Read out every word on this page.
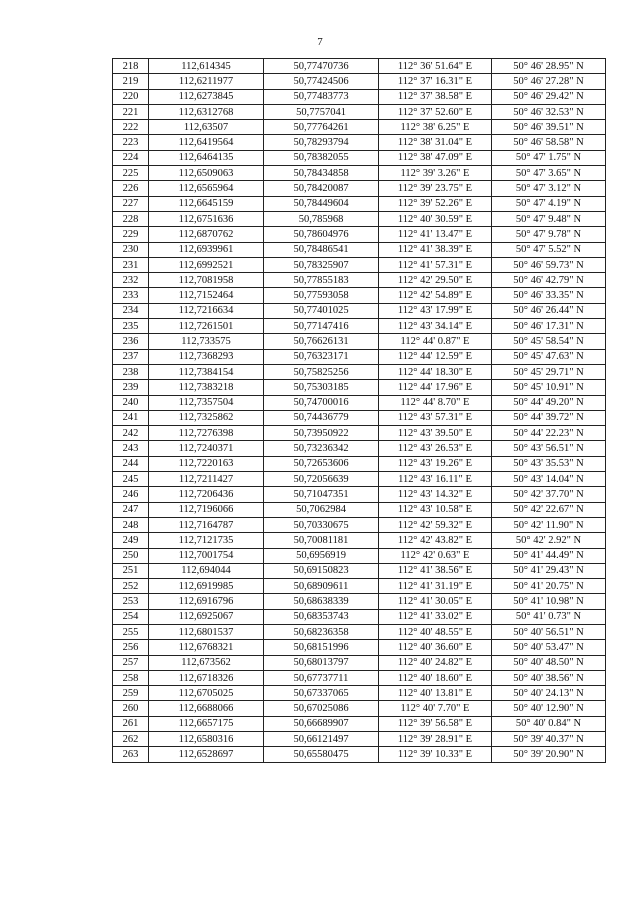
7
218	112,614345	50,77470736	112° 36' 51.64" E	50° 46' 28.95" N
219	112,6211977	50,77424506	112° 37' 16.31" E	50° 46' 27.28" N
220	112,6273845	50,77483773	112° 37' 38.58" E	50° 46' 29.42" N
221	112,6312768	50,7757041	112° 37' 52.60" E	50° 46' 32.53" N
222	112,63507	50,77764261	112° 38' 6.25" E	50° 46' 39.51" N
223	112,6419564	50,78293794	112° 38' 31.04" E	50° 46' 58.58" N
224	112,6464135	50,78382055	112° 38' 47.09" E	50° 47' 1.75" N
225	112,6509063	50,78434858	112° 39' 3.26" E	50° 47' 3.65" N
226	112,6565964	50,78420087	112° 39' 23.75" E	50° 47' 3.12" N
227	112,6645159	50,78449604	112° 39' 52.26" E	50° 47' 4.19" N
228	112,6751636	50,785968	112° 40' 30.59" E	50° 47' 9.48" N
229	112,6870762	50,78604976	112° 41' 13.47" E	50° 47' 9.78" N
230	112,6939961	50,78486541	112° 41' 38.39" E	50° 47' 5.52" N
231	112,6992521	50,78325907	112° 41' 57.31" E	50° 46' 59.73" N
232	112,7081958	50,77855183	112° 42' 29.50" E	50° 46' 42.79" N
233	112,7152464	50,77593058	112° 42' 54.89" E	50° 46' 33.35" N
234	112,7216634	50,77401025	112° 43' 17.99" E	50° 46' 26.44" N
235	112,7261501	50,77147416	112° 43' 34.14" E	50° 46' 17.31" N
236	112,733575	50,76626131	112° 44' 0.87" E	50° 45' 58.54" N
237	112,7368293	50,76323171	112° 44' 12.59" E	50° 45' 47.63" N
238	112,7384154	50,75825256	112° 44' 18.30" E	50° 45' 29.71" N
239	112,7383218	50,75303185	112° 44' 17.96" E	50° 45' 10.91" N
240	112,7357504	50,74700016	112° 44' 8.70" E	50° 44' 49.20" N
241	112,7325862	50,74436779	112° 43' 57.31" E	50° 44' 39.72" N
242	112,7276398	50,73950922	112° 43' 39.50" E	50° 44' 22.23" N
243	112,7240371	50,73236342	112° 43' 26.53" E	50° 43' 56.51" N
244	112,7220163	50,72653606	112° 43' 19.26" E	50° 43' 35.53" N
245	112,7211427	50,72056639	112° 43' 16.11" E	50° 43' 14.04" N
246	112,7206436	50,71047351	112° 43' 14.32" E	50° 42' 37.70" N
247	112,7196066	50,7062984	112° 43' 10.58" E	50° 42' 22.67" N
248	112,7164787	50,70330675	112° 42' 59.32" E	50° 42' 11.90" N
249	112,7121735	50,70081181	112° 42' 43.82" E	50° 42' 2.92" N
250	112,7001754	50,6956919	112° 42' 0.63" E	50° 41' 44.49" N
251	112,694044	50,69150823	112° 41' 38.56" E	50° 41' 29.43" N
252	112,6919985	50,68909611	112° 41' 31.19" E	50° 41' 20.75" N
253	112,6916796	50,68638339	112° 41' 30.05" E	50° 41' 10.98" N
254	112,6925067	50,68353743	112° 41' 33.02" E	50° 41' 0.73" N
255	112,6801537	50,68236358	112° 40' 48.55" E	50° 40' 56.51" N
256	112,6768321	50,68151996	112° 40' 36.60" E	50° 40' 53.47" N
257	112,673562	50,68013797	112° 40' 24.82" E	50° 40' 48.50" N
258	112,6718326	50,67737711	112° 40' 18.60" E	50° 40' 38.56" N
259	112,6705025	50,67337065	112° 40' 13.81" E	50° 40' 24.13" N
260	112,6688066	50,67025086	112° 40' 7.70" E	50° 40' 12.90" N
261	112,6657175	50,66689907	112° 39' 56.58" E	50° 40' 0.84" N
262	112,6580316	50,66121497	112° 39' 28.91" E	50° 39' 40.37" N
263	112,6528697	50,65580475	112° 39' 10.33" E	50° 39' 20.90" N
